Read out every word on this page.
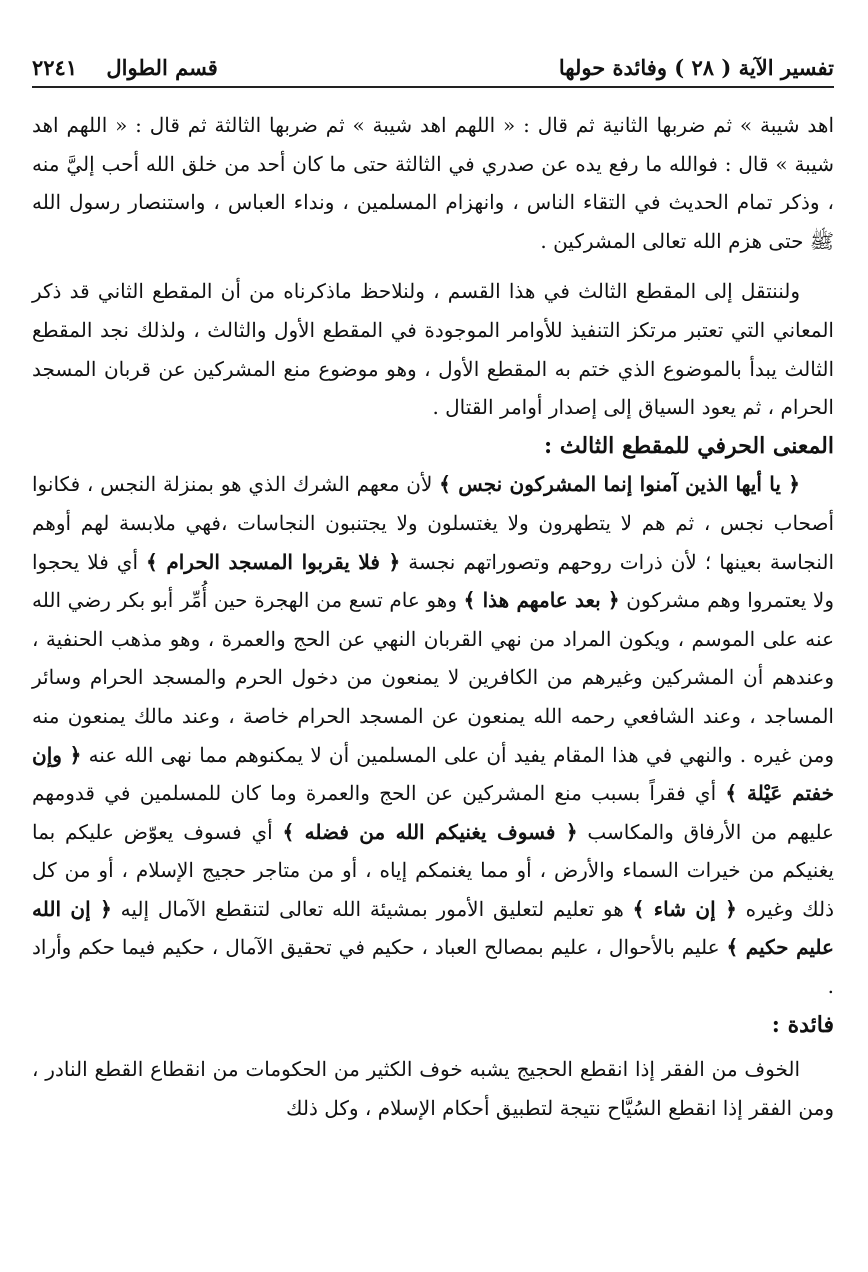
تفسير الآية ( ٢٨ ) وفائدة حولها
قسم الطوال    ٢٢٤١

اهد شيبة » ثم ضربها الثانية ثم قال : « اللهم اهد شيبة » ثم ضربها الثالثة ثم قال : « اللهم اهد شيبة » قال : فوالله ما رفع يده عن صدري في الثالثة حتى ما كان أحد من خلق الله أحب إليَّ منه ، وذكر تمام الحديث في التقاء الناس ، وانهزام المسلمين ، ونداء العباس ، واستنصار رسول الله ﷺ حتى هزم الله تعالى المشركين .

ولننتقل إلى المقطع الثالث في هذا القسم ، ولنلاحظ ماذكرناه من أن المقطع الثاني قد ذكر المعاني التي تعتبر مرتكز التنفيذ للأوامر الموجودة في المقطع الأول والثالث ، ولذلك نجد المقطع الثالث يبدأ بالموضوع الذي ختم به المقطع الأول ، وهو موضوع منع المشركين عن قربان المسجد الحرام ، ثم يعود السياق إلى إصدار أوامر القتال .

المعنى الحرفي للمقطع الثالث :

﴿ يا أيها الذين آمنوا إنما المشركون نجس ﴾ لأن معهم الشرك الذي هو بمنزلة النجس ، فكانوا أصحاب نجس ، ثم هم لا يتطهرون ولا يغتسلون ولا يجتنبون النجاسات ،فهي ملابسة لهم أوهم النجاسة بعينها ؛ لأن ذرات روحهم وتصوراتهم نجسة ﴿ فلا يقربوا المسجد الحرام ﴾ أي فلا يحجوا ولا يعتمروا وهم مشركون ﴿ بعد عامهم هذا ﴾ وهو عام تسع من الهجرة حين أُمِّر أبو بكر رضي الله عنه على الموسم ، ويكون المراد من نهي القربان النهي عن الحج والعمرة ، وهو مذهب الحنفية ، وعندهم أن المشركين وغيرهم من الكافرين لا يمنعون من دخول الحرم والمسجد الحرام وسائر المساجد ، وعند الشافعي رحمه الله يمنعون عن المسجد الحرام خاصة ، وعند مالك يمنعون منه ومن غيره . والنهي في هذا المقام يفيد أن على المسلمين أن لا يمكنوهم مما نهى الله عنه ﴿ وإن خفتم عَيْلة ﴾ أي فقراً بسبب منع المشركين عن الحج والعمرة وما كان للمسلمين في قدومهم عليهم من الأرفاق والمكاسب ﴿ فسوف يغنيكم الله من فضله ﴾ أي فسوف يعوّض عليكم بما يغنيكم من خيرات السماء والأرض ، أو مما يغنمكم إياه ، أو من متاجر حجيج الإسلام ، أو من كل ذلك وغيره ﴿ إن شاء ﴾ هو تعليم لتعليق الأمور بمشيئة الله تعالى لتنقطع الآمال إليه ﴿ إن الله عليم حكيم ﴾ عليم بالأحوال ، عليم بمصالح العباد ، حكيم في تحقيق الآمال ، حكيم فيما حكم وأراد .

فائدة :

الخوف من الفقر إذا انقطع الحجيج يشبه خوف الكثير من الحكومات من انقطاع القطع النادر ، ومن الفقر إذا انقطع السُيَّاح نتيجة لتطبيق أحكام الإسلام ، وكل ذلك
